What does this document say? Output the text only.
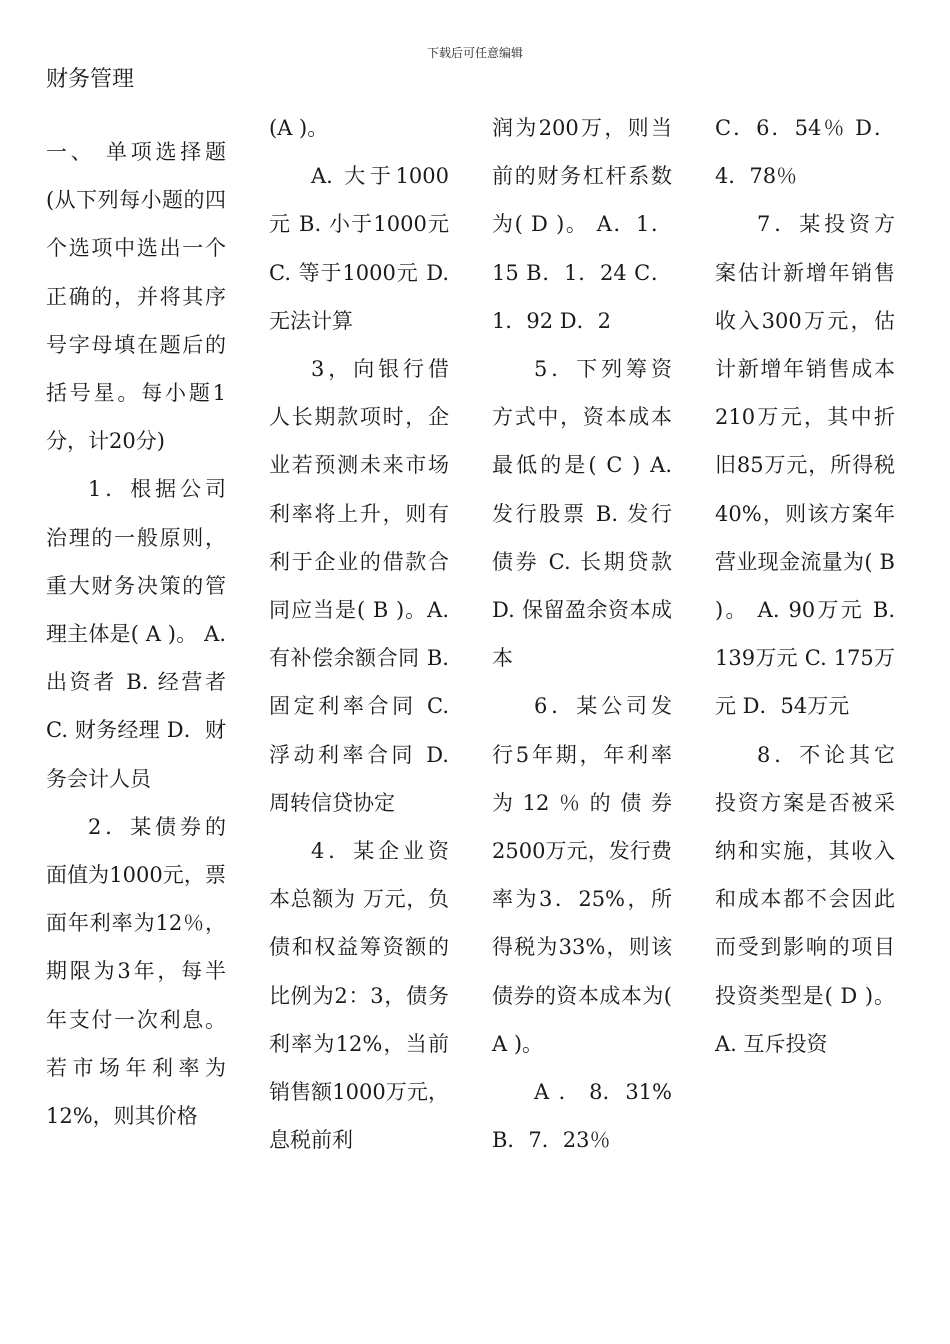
下载后可任意编辑
财务管理
一、 单项选择题(从下列每小题的四个选项中选出一个正确的，并将其序号字母填在题后的括号星。每小题1分，计20分)
1．根据公司治理的一般原则，重大财务决策的管理主体是( A )。 A. 出资者 B. 经营者 C. 财务经理 D．财务会计人员
2．某债券的面值为1000元，票面年利率为12％，期限为3年，每半年支付一次利息。若市场年利率为12%，则其价格
(A )。
A. 大于1000元 B. 小于1000元 C. 等于1000元 D. 无法计算
3，向银行借人长期款项时，企业若预测未来市场利率将上升，则有利于企业的借款合同应当是( B )。A. 有补偿余额合同 B. 固定利率合同 C. 浮动利率合同 D. 周转信贷协定
4．某企业资本总额为 万元，负债和权益筹资额的比例为2：3，债务利率为12%，当前销售额1000万元，息税前利
润为200万，则当前的财务杠杆系数为( D )。 A．1．15 B．1．24 C．1．92 D．2
5．下列筹资方式中，资本成本最低的是( C ) A. 发行股票 B. 发行债券 C. 长期贷款 D. 保留盈余资本成本
6．某公司发行5年期，年利率为12％的债券2500万元，发行费率为3．25%，所得税为33%，则该债券的资本成本为( A )。
A．8. 31% B．7．23％
C．6．54％ D．4．78％
7．某投资方案估计新增年销售收入300万元，估计新增年销售成本210万元，其中折旧85万元，所得税40%，则该方案年营业现金流量为( B )。 A. 90万元 B. 139万元 C. 175万元 D．54万元
8．不论其它投资方案是否被采纳和实施，其收入和成本都不会因此而受到影响的项目投资类型是( D )。 A. 互斥投资
